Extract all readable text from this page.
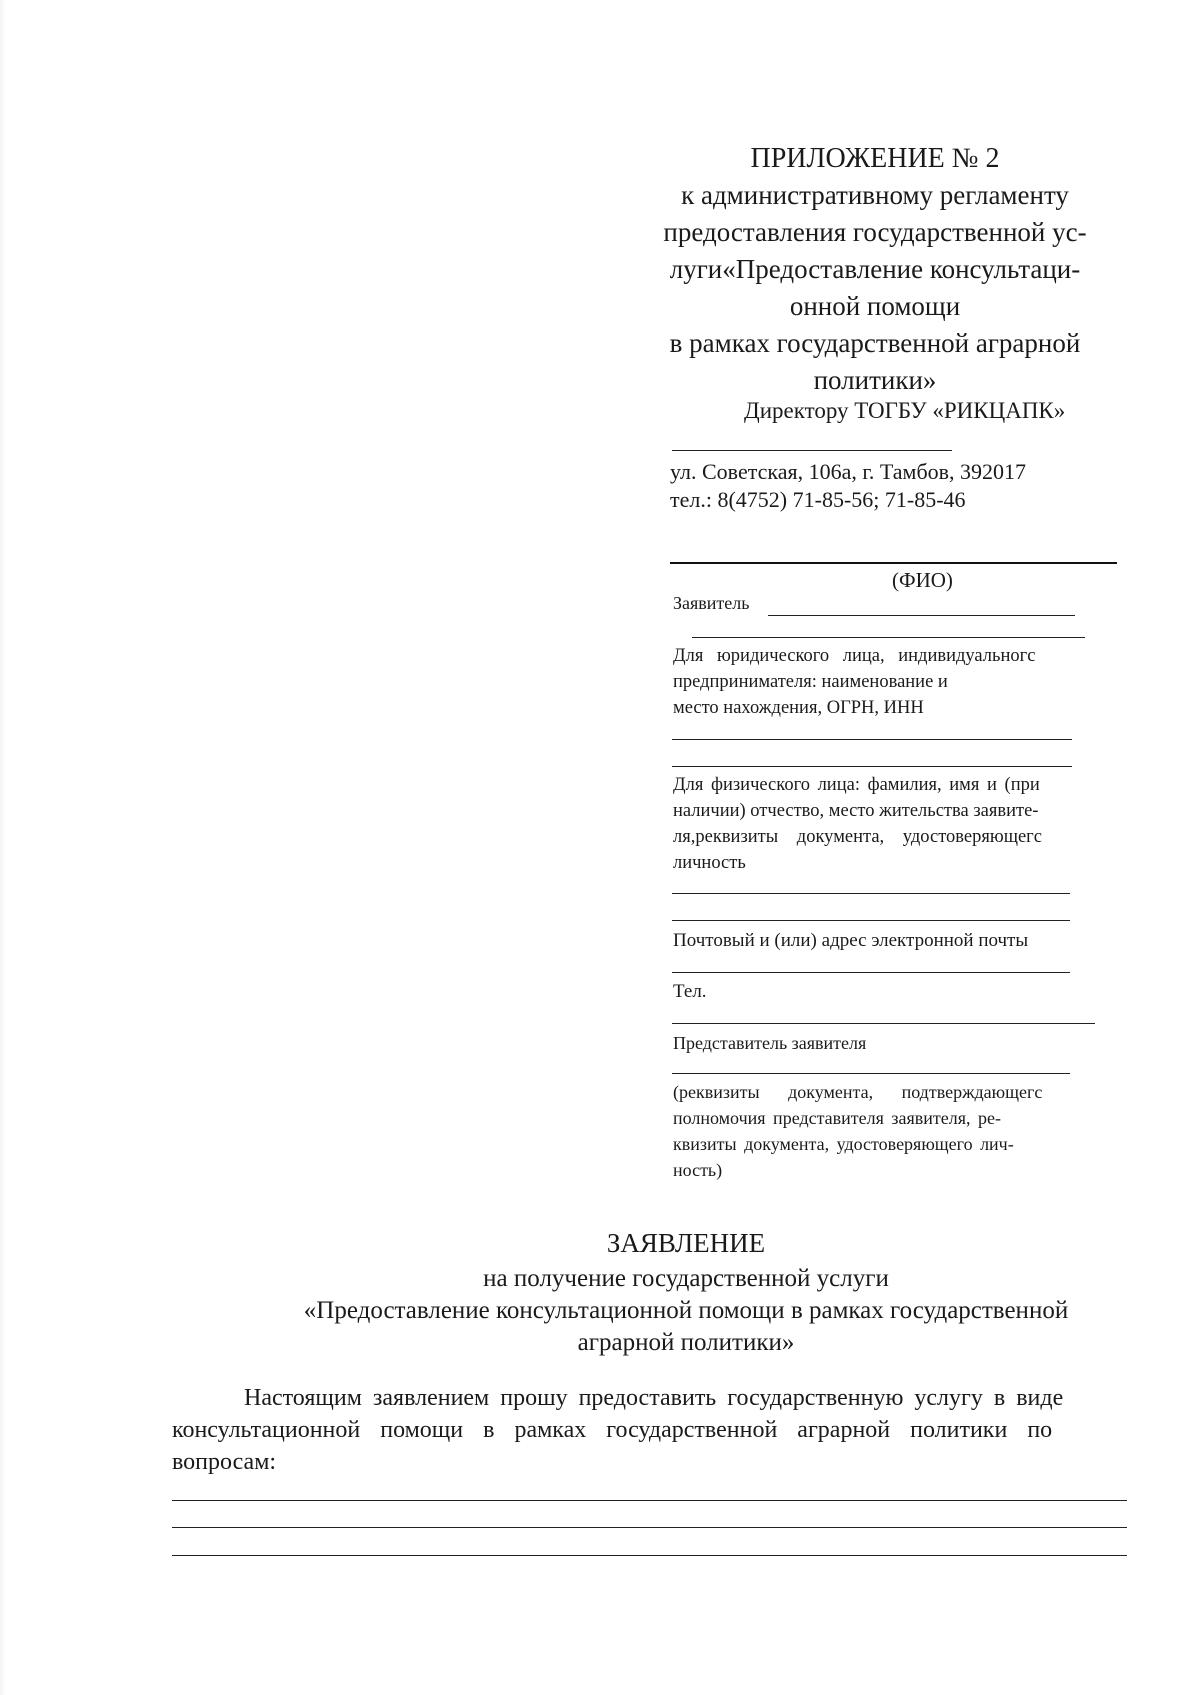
ПРИЛОЖЕНИЕ № 2
к административному регламенту
предоставления государственной ус-
луги«Предоставление консультаци-
онной помощи
в рамках государственной аграрной
политики»
Директору ТОГБУ «РИКЦАПК»
ул. Советская, 106а, г. Тамбов, 392017
тел.: 8(4752) 71-85-56; 71-85-46
(ФИО)
Заявитель
Для юридического лица, индивидуальногс
предпринимателя: наименование и
место нахождения, ОГРН, ИНН
Для физического лица: фамилия, имя и (при
наличии) отчество, место жительства заявите-
ля,реквизиты документа, удостоверяющегс
личность
Почтовый и (или) адрес электронной почты
Тел.
Представитель заявителя
(реквизиты документа, подтверждающегс
полномочия представителя заявителя, ре-
квизиты документа, удостоверяющего лич-
ность)
ЗАЯВЛЕНИЕ
на получение государственной услуги
«Предоставление консультационной помощи в рамках государственной
аграрной политики»
Настоящим заявлением прошу предоставить государственную услугу в виде
консультационной помощи в рамках государственной аграрной политики по
вопросам:
